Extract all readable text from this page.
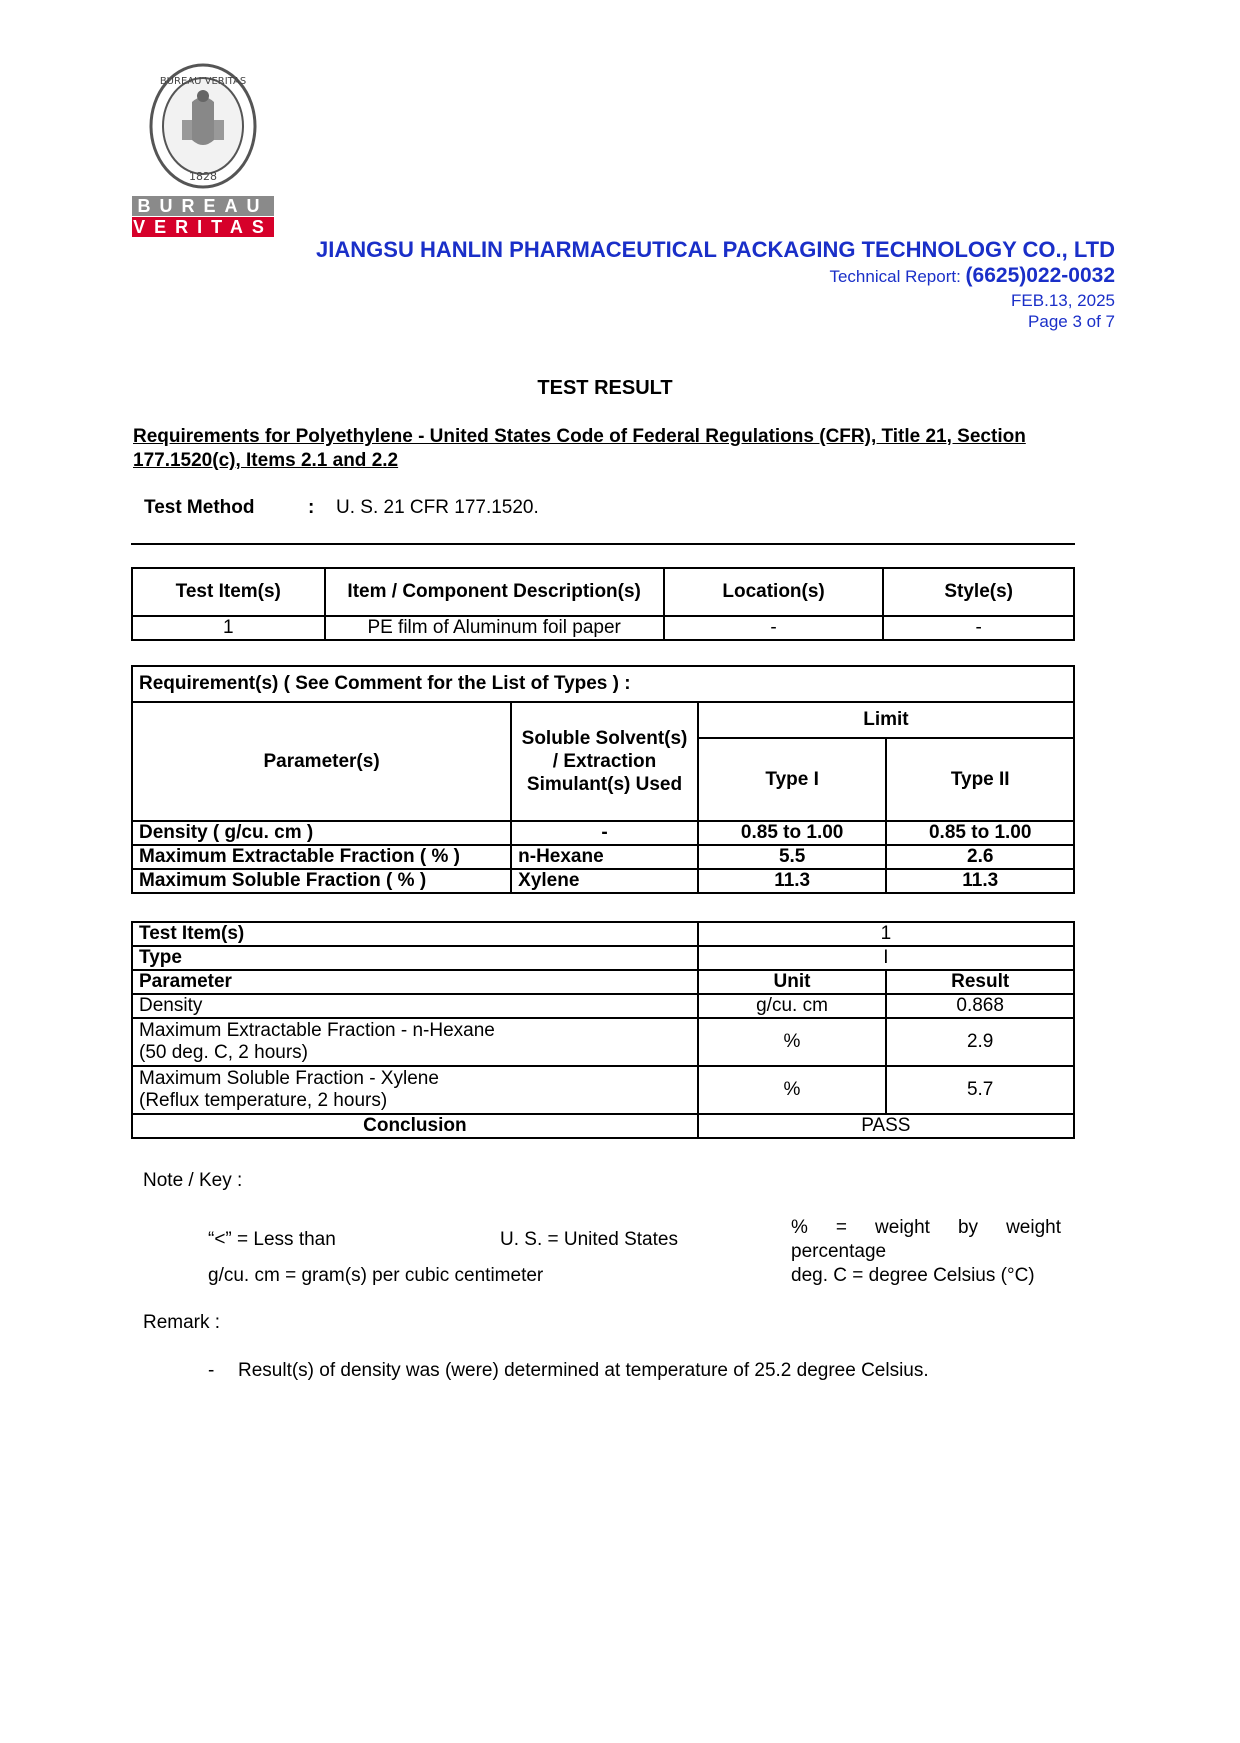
BUREAU VERITAS
1828
BUREAU
VERITAS
JIANGSU HANLIN PHARMACEUTICAL PACKAGING TECHNOLOGY CO., LTD
Technical Report: (6625)022-0032
FEB.13, 2025
Page 3 of 7
TEST RESULT
Requirements for Polyethylene - United States Code of Federal Regulations (CFR), Title 21, Section 177.1520(c), Items 2.1 and 2.2
Test Method	: U. S. 21 CFR 177.1520.
Test Item(s)	Item / Component Description(s)	Location(s)	Style(s)
1	PE film of Aluminum foil paper	-	-
Requirement(s) ( See Comment for the List of Types ) :			
Parameter(s)	Soluble Solvent(s) / Extraction Simulant(s) Used	Limit	
		Type I	Type II
Density ( g/cu. cm )	-	0.85 to 1.00	0.85 to 1.00
Maximum Extractable Fraction ( % )	n-Hexane	5.5	2.6
Maximum Soluble Fraction ( % )	Xylene	11.3	11.3
Test Item(s)	1	
Type	I	
Parameter	Unit	Result
Density	g/cu. cm	0.868

Maximum Extractable Fraction - n-Hexane
(50 deg. C, 2 hours)	%	2.9

Maximum Soluble Fraction - Xylene
(Reflux temperature, 2 hours)	%	5.7
Conclusion	PASS	
Note / Key :
“<” = Less than	U. S. = United States
% = weight by weight
percentage
g/cu. cm = gram(s) per cubic centimeter	deg. C = degree Celsius (°C)
Remark :
- Result(s) of density was (were) determined at temperature of 25.2 degree Celsius.
